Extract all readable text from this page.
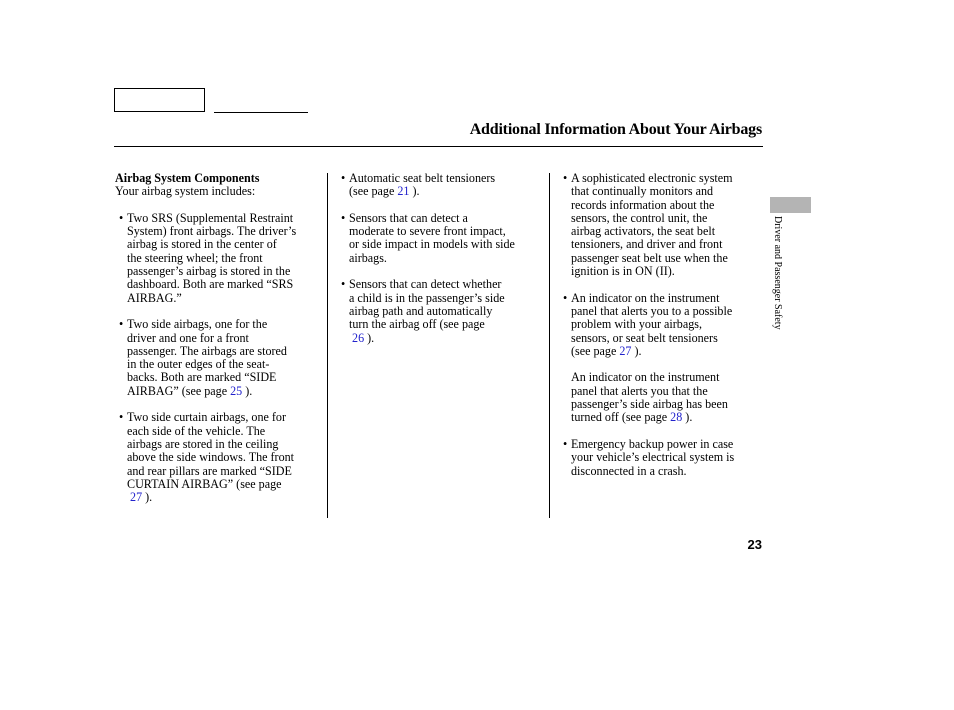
Additional Information About Your Airbags

Airbag System Components

Your airbag system includes:

• Two SRS (Supplemental Restraint

System) front airbags. The driver’s

airbag is stored in the center of

the steering wheel; the front

passenger’s airbag is stored in the

dashboard. Both are marked “SRS

AIRBAG.”

• Two side airbags, one for the

driver and one for a front

passenger. The airbags are stored

in the outer edges of the seat-

backs. Both are marked “SIDE

AIRBAG” (see page 25 ).

• Two side curtain airbags, one for

each side of the vehicle. The

airbags are stored in the ceiling

above the side windows. The front

and rear pillars are marked “SIDE

CURTAIN AIRBAG” (see page

27 ).

• Automatic seat belt tensioners

(see page 21 ).

• Sensors that can detect a

moderate to severe front impact,

or side impact in models with side

airbags.

• Sensors that can detect whether

a child is in the passenger’s side

airbag path and automatically

turn the airbag off (see page

26 ).

• A sophisticated electronic system

that continually monitors and

records information about the

sensors, the control unit, the

airbag activators, the seat belt

tensioners, and driver and front

passenger seat belt use when the

ignition is in ON (II).

• An indicator on the instrument

panel that alerts you to a possible

problem with your airbags,

sensors, or seat belt tensioners

(see page 27 ).

An indicator on the instrument

panel that alerts you that the

passenger’s side airbag has been

turned off (see page 28 ).

• Emergency backup power in case

your vehicle’s electrical system is

disconnected in a crash.

Driver and Passenger Safety
23
